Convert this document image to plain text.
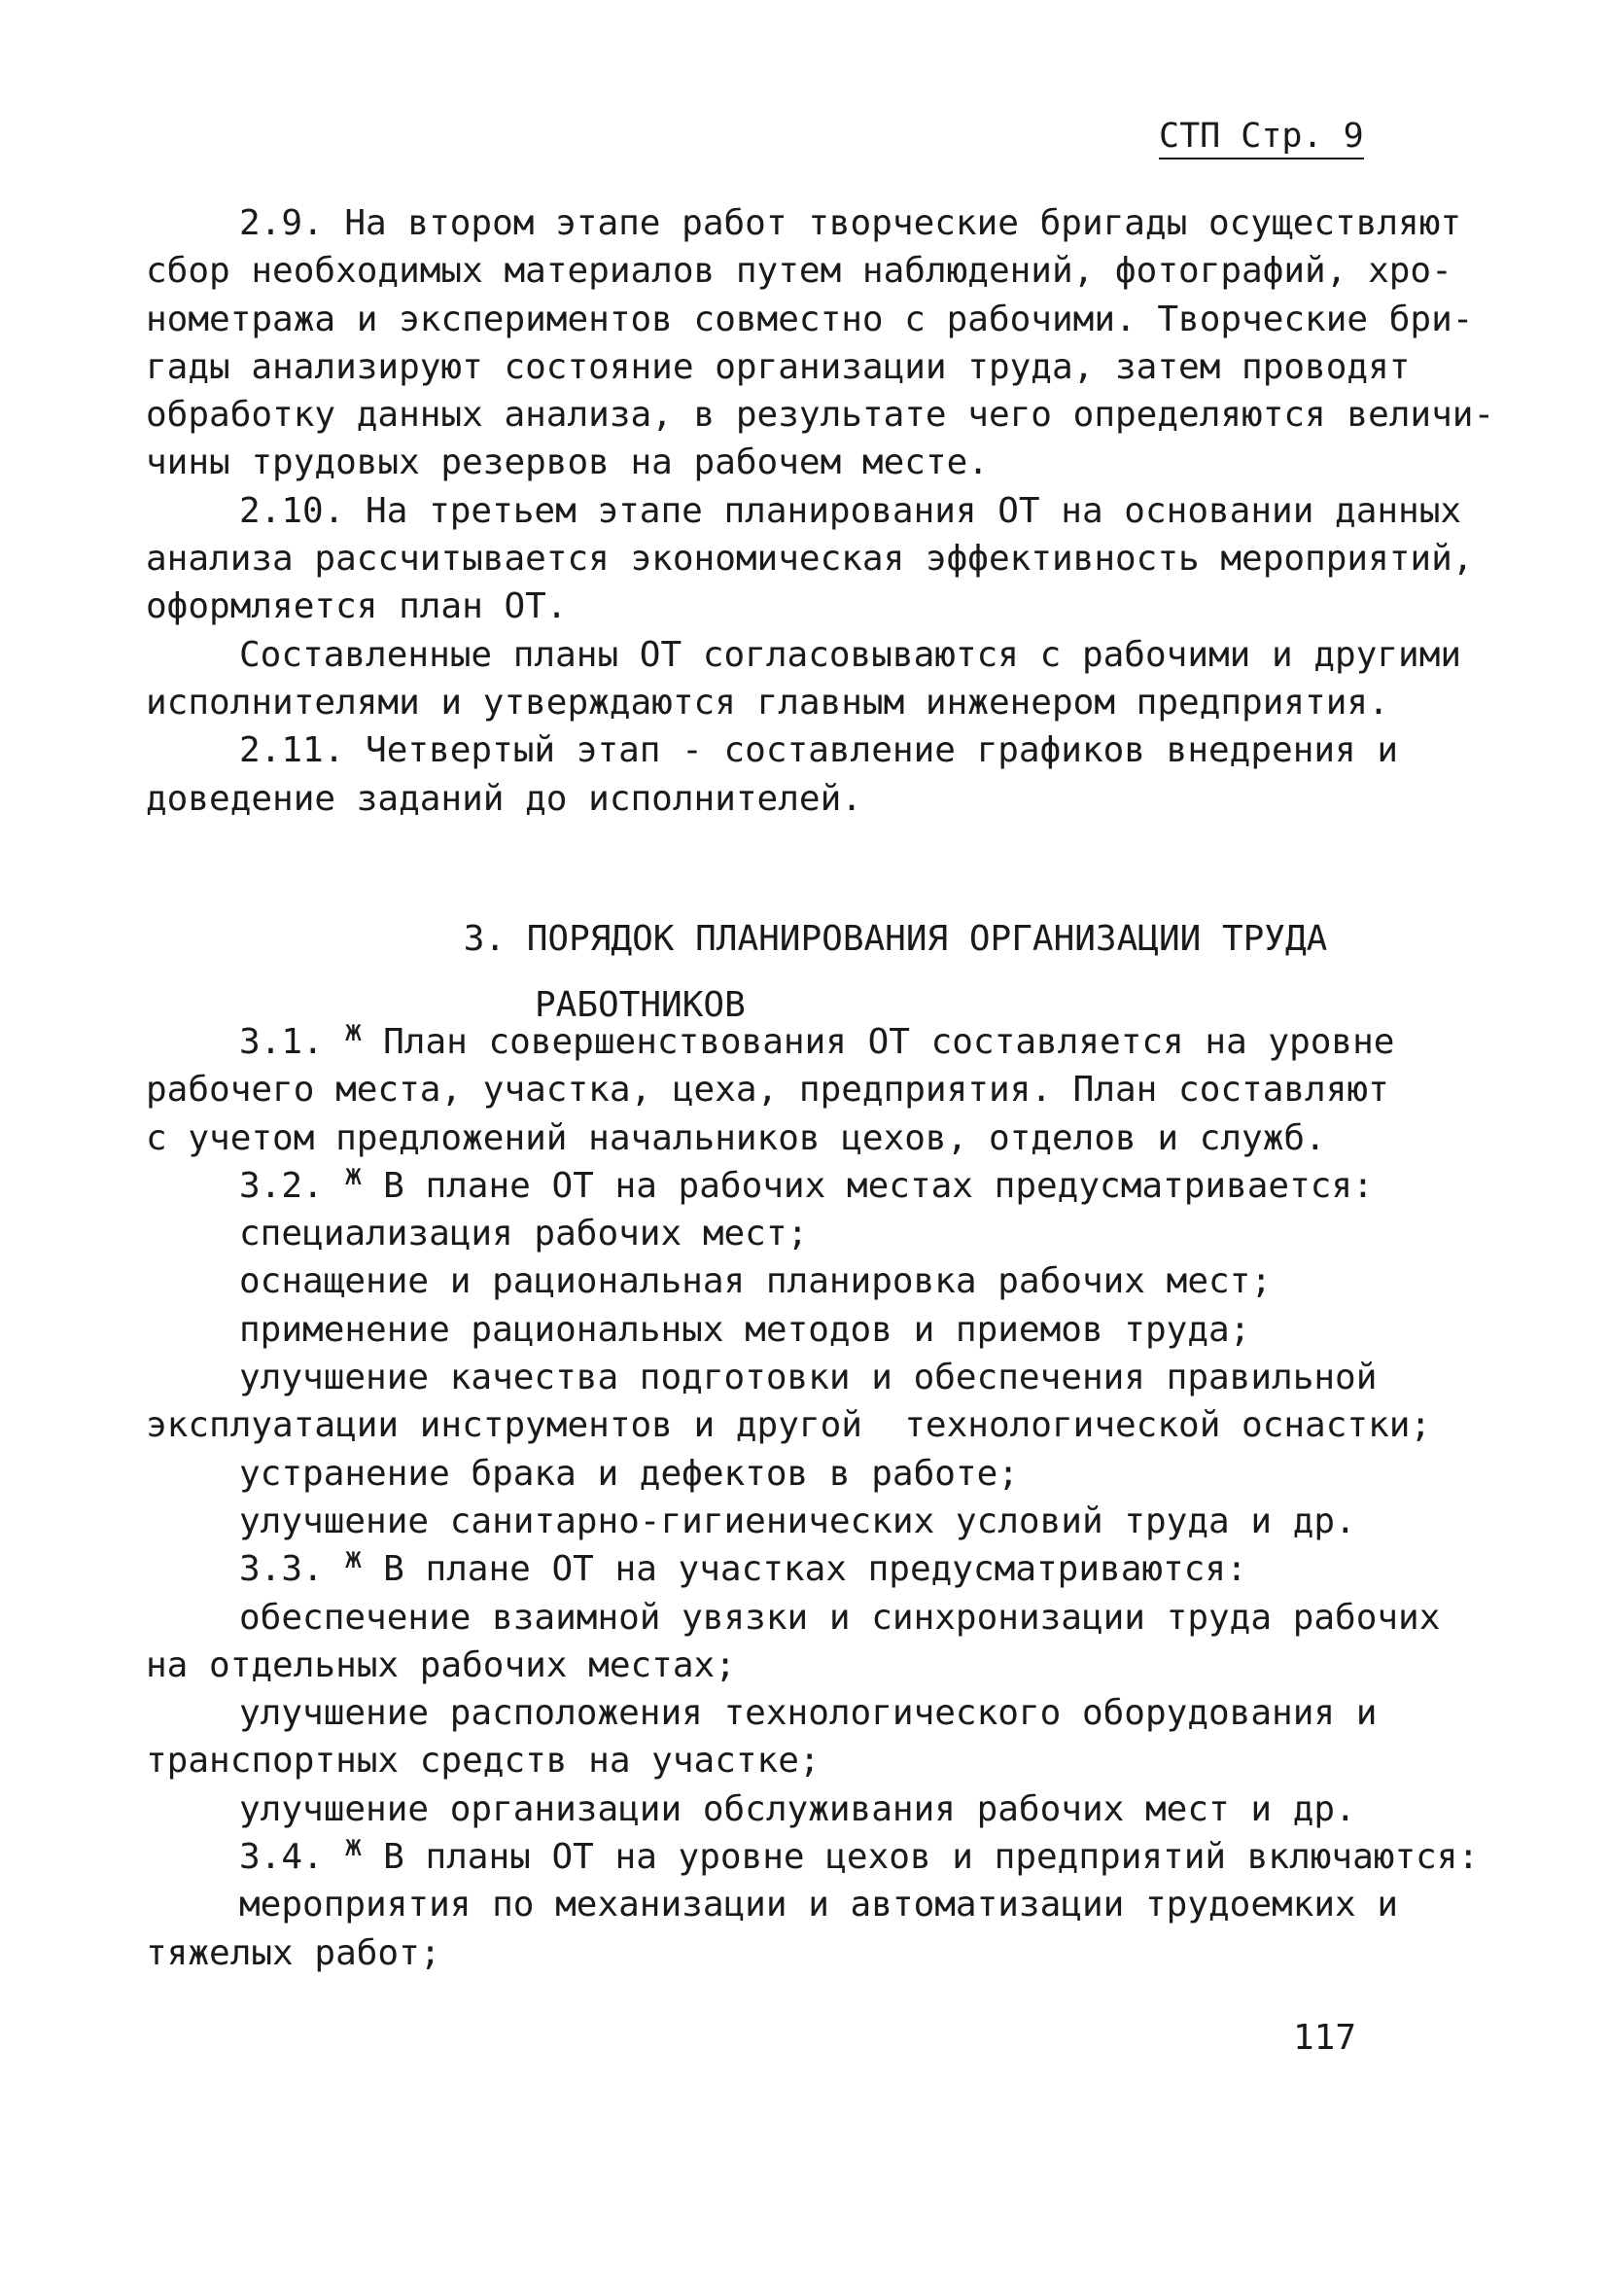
СТП Стр. 9
2.9. На втором этапе работ творческие бригады осуществляют
сбор необходимых материалов путем наблюдений, фотографий, хро-
нометража и экспериментов совместно с рабочими. Творческие бри-
гады анализируют состояние организации труда, затем проводят
обработку данных анализа, в результате чего определяются величи-
чины трудовых резервов на рабочем месте.
2.10. На третьем этапе планирования ОТ на основании данных
анализа рассчитывается экономическая эффективность мероприятий,
оформляется план ОТ.
Составленные планы ОТ согласовываются с рабочими и другими
исполнителями и утверждаются главным инженером предприятия.
2.11. Четвертый этап - составление графиков внедрения и
доведение заданий до исполнителей.

3. ПОРЯДОК ПЛАНИРОВАНИЯ ОРГАНИЗАЦИИ ТРУДА

РАБОТНИКОВ

3.1. $^ж$ План совершенствования ОТ составляется на уровне
рабочего места, участка, цеха, предприятия. План составляют
с учетом предложений начальников цехов, отделов и служб.
3.2. $^ж$ В плане ОТ на рабочих местах предусматривается:
специализация рабочих мест;
оснащение и рациональная планировка рабочих мест;
применение рациональных методов и приемов труда;
улучшение качества подготовки и обеспечения правильной
эксплуатации инструментов и другой  технологической оснастки;
устранение брака и дефектов в работе;
улучшение санитарно-гигиенических условий труда и др.
3.3. $^ж$ В плане ОТ на участках предусматриваются:
обеспечение взаимной увязки и синхронизации труда рабочих
на отдельных рабочих местах;
улучшение расположения технологического оборудования и
транспортных средств на участке;
улучшение организации обслуживания рабочих мест и др.
3.4. $^ж$ В планы ОТ на уровне цехов и предприятий включаются:
мероприятия по механизации и автоматизации трудоемких и
тяжелых работ;
117
